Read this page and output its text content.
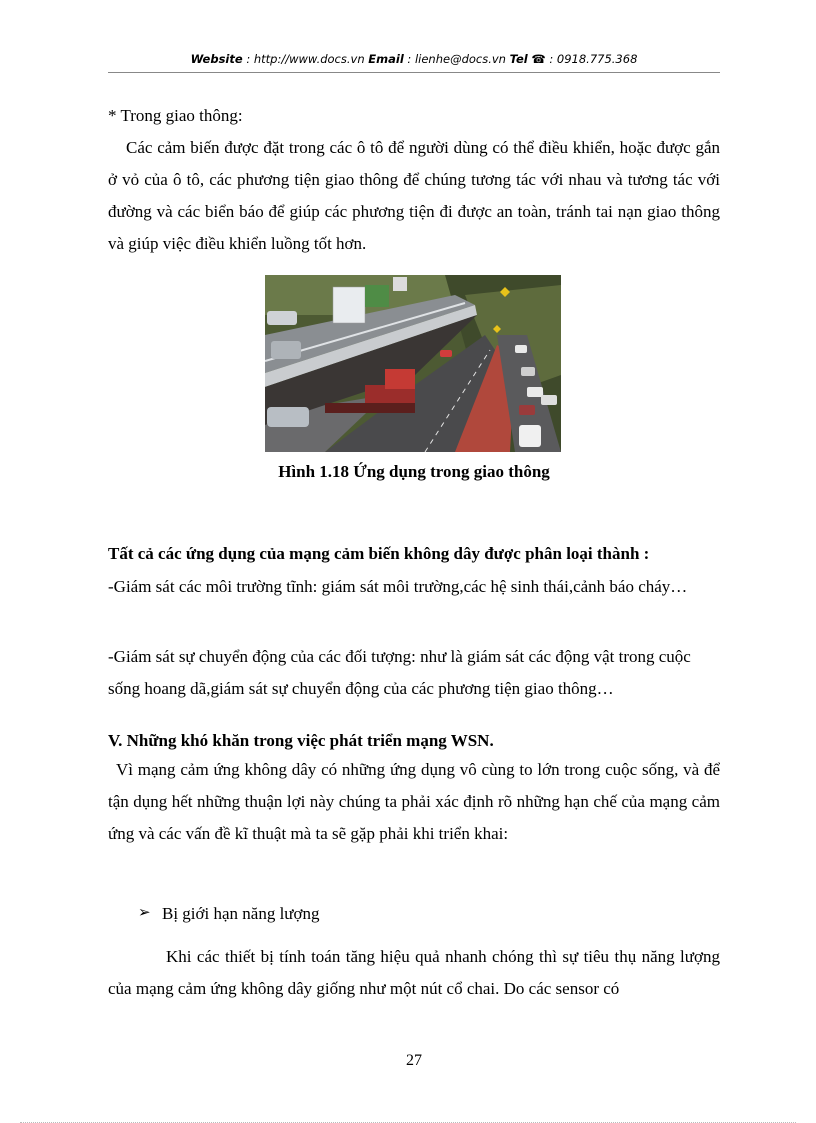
Website : http://www.docs.vn Email : lienhe@docs.vn Tel ☎ : 0918.775.368

* Trong giao thông:

Các cảm biến được đặt trong các ô tô để người dùng có thể điều khiển, hoặc được gắn ở vỏ của ô tô, các phương tiện giao thông để chúng tương tác với nhau và tương tác với đường và các biển báo để giúp các phương tiện đi được an toàn, tránh tai nạn giao thông và giúp việc điều khiển luồng tốt hơn.

Hình 1.18 Ứng dụng trong giao thông

Tất cả các ứng dụng của mạng cảm biến không dây được phân loại thành :

-Giám sát các môi trường tĩnh: giám sát môi trường,các hệ sinh thái,cảnh báo cháy…

-Giám sát sự chuyển động của các đối tượng: như là giám sát các động vật trong cuộc sống hoang dã,giám sát sự chuyển động của các phương tiện giao thông…

V. Những khó khăn trong việc phát triển mạng WSN.

Vì mạng cảm ứng không dây có những ứng dụng vô cùng to lớn trong cuộc sống, và để tận dụng hết những thuận lợi này chúng ta phải xác định rõ những hạn chế của mạng cảm ứng và các vấn đề kĩ thuật mà ta sẽ gặp phải khi triển khai:

➢ Bị giới hạn năng lượng

Khi các thiết bị tính toán tăng hiệu quả nhanh chóng thì sự tiêu thụ năng lượng của mạng cảm ứng không dây giống như một nút cổ chai. Do các sensor có

27
